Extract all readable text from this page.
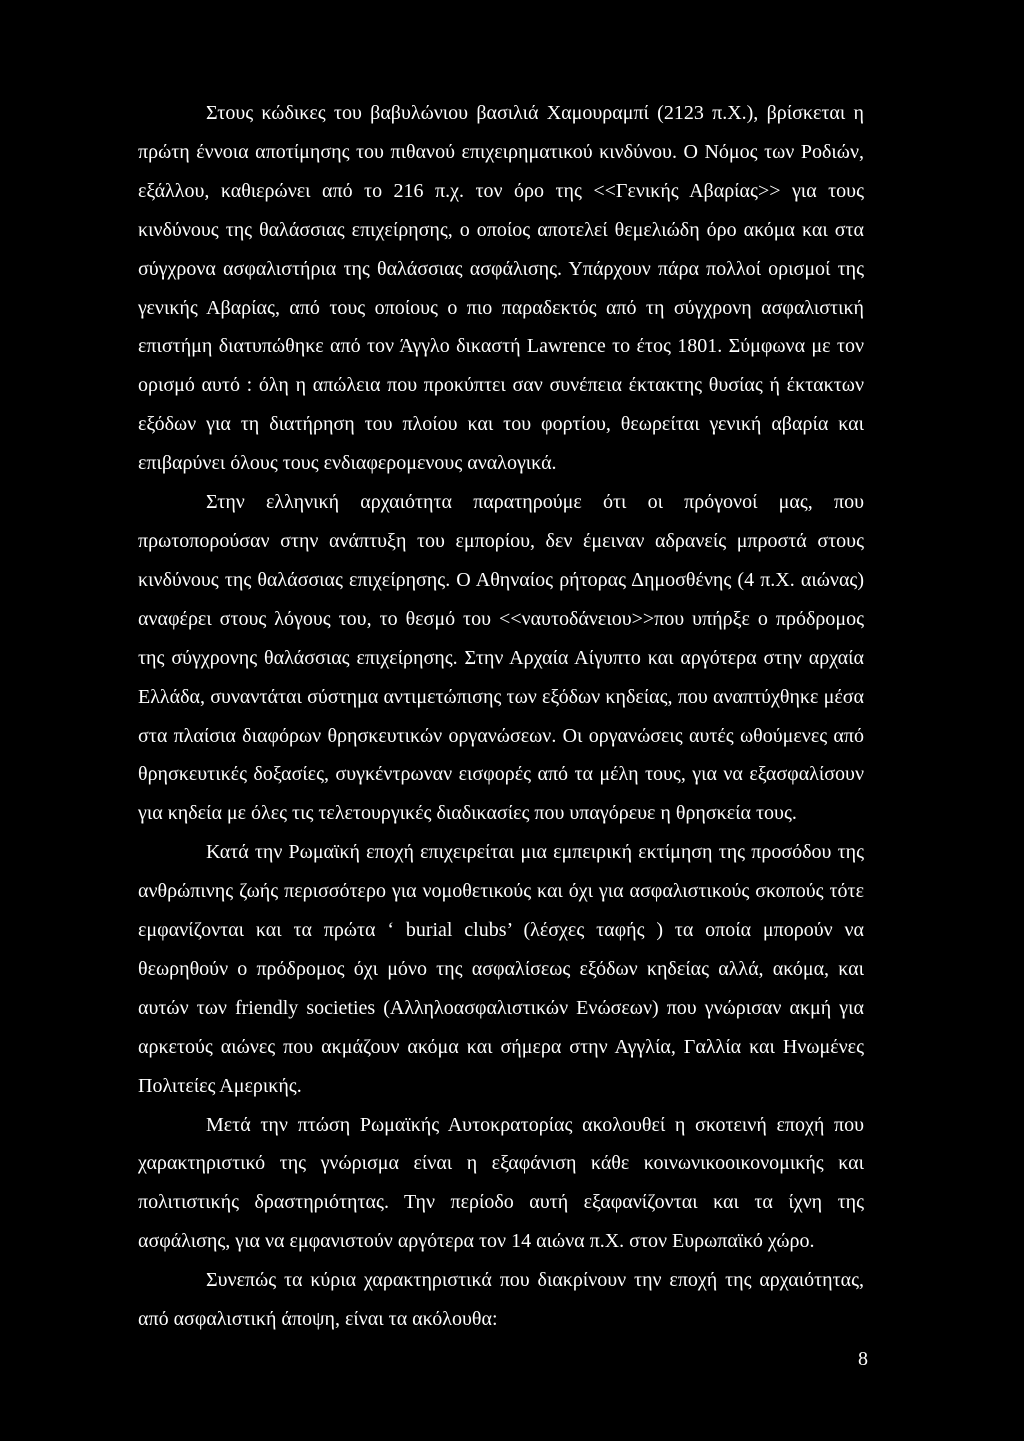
Στους κώδικες του βαβυλώνιου βασιλιά Χαμουραμπί (2123 π.Χ.), βρίσκεται η πρώτη έννοια αποτίμησης του πιθανού επιχειρηματικού κινδύνου. Ο Νόμος των Ροδιών, εξάλλου, καθιερώνει από το 216 π.χ. τον όρο της <<Γενικής Αβαρίας>> για τους κινδύνους της θαλάσσιας επιχείρησης, ο οποίος αποτελεί θεμελιώδη όρο ακόμα και στα σύγχρονα ασφαλιστήρια της θαλάσσιας ασφάλισης. Υπάρχουν πάρα πολλοί ορισμοί της γενικής Αβαρίας, από τους οποίους ο πιο παραδεκτός από τη σύγχρονη ασφαλιστική επιστήμη διατυπώθηκε από τον Άγγλο δικαστή Lawrence το έτος 1801. Σύμφωνα με τον ορισμό αυτό : όλη η απώλεια που προκύπτει σαν συνέπεια έκτακτης θυσίας ή έκτακτων εξόδων για τη διατήρηση του πλοίου και του φορτίου, θεωρείται γενική αβαρία και επιβαρύνει όλους τους ενδιαφερομενους αναλογικά.

Στην ελληνική αρχαιότητα παρατηρούμε ότι οι πρόγονοί μας, που πρωτοπορούσαν στην ανάπτυξη του εμπορίου, δεν έμειναν αδρανείς μπροστά στους κινδύνους της θαλάσσιας επιχείρησης. Ο Αθηναίος ρήτορας Δημοσθένης (4 π.Χ. αιώνας) αναφέρει στους λόγους του, το θεσμό του <<ναυτοδάνειου>>που υπήρξε ο πρόδρομος της σύγχρονης θαλάσσιας επιχείρησης. Στην Αρχαία Αίγυπτο και αργότερα στην αρχαία Ελλάδα, συναντάται σύστημα αντιμετώπισης των εξόδων κηδείας, που αναπτύχθηκε μέσα στα πλαίσια διαφόρων θρησκευτικών οργανώσεων. Οι οργανώσεις αυτές ωθούμενες από θρησκευτικές δοξασίες, συγκέντρωναν εισφορές από τα μέλη τους, για να εξασφαλίσουν για κηδεία με όλες τις τελετουργικές διαδικασίες που υπαγόρευε η θρησκεία τους.

Κατά την Ρωμαϊκή εποχή επιχειρείται μια εμπειρική εκτίμηση της προσόδου της ανθρώπινης ζωής περισσότερο για νομοθετικούς και όχι για ασφαλιστικούς σκοπούς τότε εμφανίζονται και τα πρώτα ‘ burial clubs’ (λέσχες ταφής ) τα οποία μπορούν να θεωρηθούν ο πρόδρομος όχι μόνο της ασφαλίσεως εξόδων κηδείας αλλά, ακόμα, και αυτών των friendly societies (Αλληλοασφαλιστικών Ενώσεων) που γνώρισαν ακμή για αρκετούς αιώνες που ακμάζουν ακόμα και σήμερα στην Αγγλία, Γαλλία και Ηνωμένες Πολιτείες Αμερικής.

Μετά την πτώση Ρωμαϊκής Αυτοκρατορίας ακολουθεί η σκοτεινή εποχή που χαρακτηριστικό της γνώρισμα είναι η εξαφάνιση κάθε κοινωνικοοικονομικής και πολιτιστικής δραστηριότητας. Την περίοδο αυτή εξαφανίζονται και τα ίχνη της ασφάλισης, για να εμφανιστούν αργότερα τον 14 αιώνα π.Χ. στον Ευρωπαϊκό χώρο.

Συνεπώς τα κύρια χαρακτηριστικά που διακρίνουν την εποχή της αρχαιότητας, από ασφαλιστική άποψη, είναι τα ακόλουθα:

8
